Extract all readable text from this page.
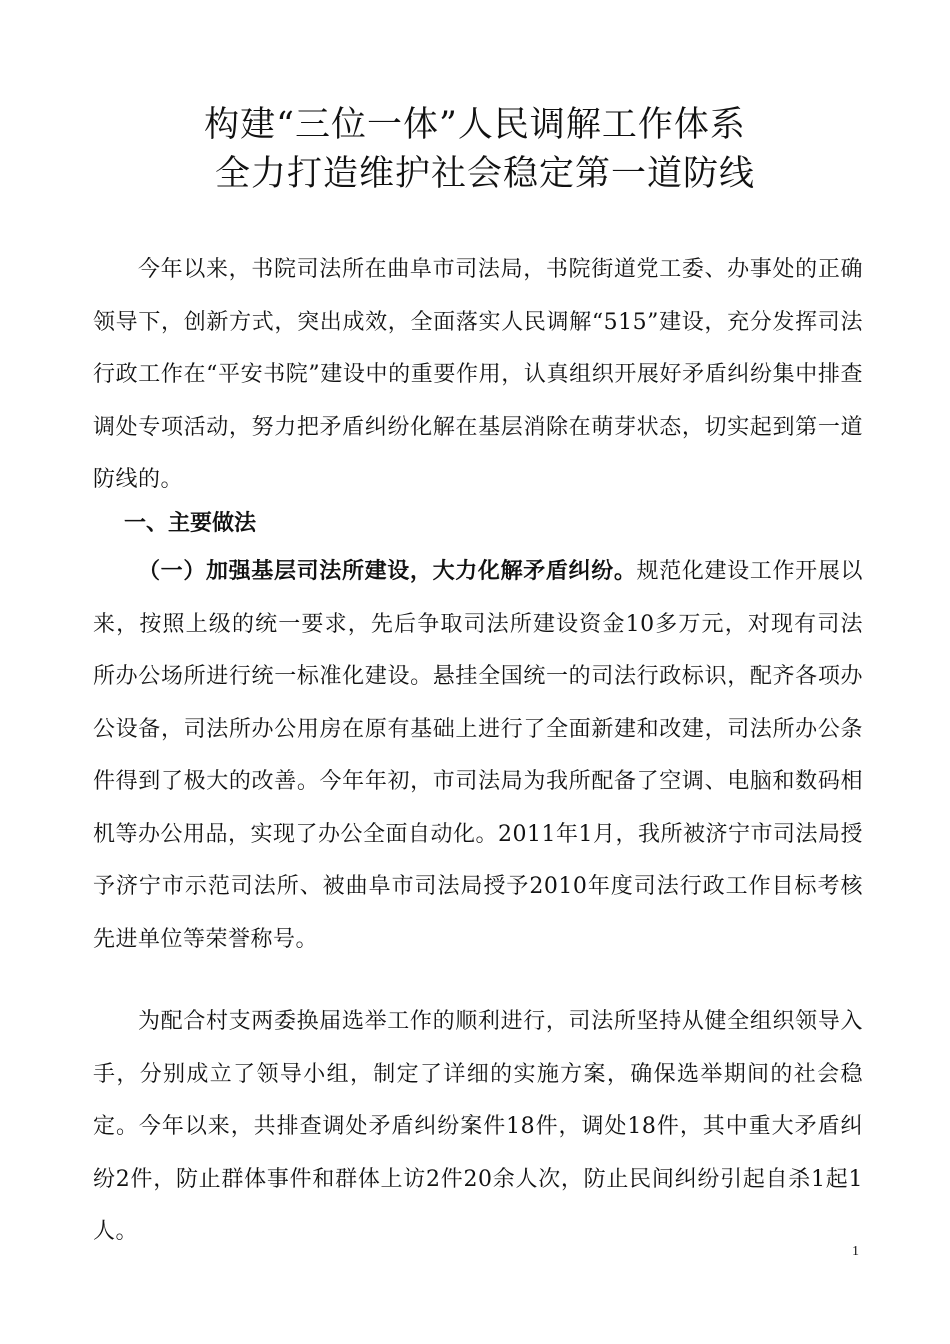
构建“三位一体”人民调解工作体系
全力打造维护社会稳定第一道防线

今年以来，书院司法所在曲阜市司法局，书院街道党工委、办事处的正确领导下，创新方式，突出成效，全面落实人民调解“515”建设，充分发挥司法行政工作在“平安书院”建设中的重要作用，认真组织开展好矛盾纠纷集中排查调处专项活动，努力把矛盾纠纷化解在基层消除在萌芽状态，切实起到第一道防线的。

一、主要做法

（一）加强基层司法所建设，大力化解矛盾纠纷。规范化建设工作开展以来，按照上级的统一要求，先后争取司法所建设资金10多万元，对现有司法所办公场所进行统一标准化建设。悬挂全国统一的司法行政标识，配齐各项办公设备，司法所办公用房在原有基础上进行了全面新建和改建，司法所办公条件得到了极大的改善。今年年初，市司法局为我所配备了空调、电脑和数码相机等办公用品，实现了办公全面自动化。2011年1月，我所被济宁市司法局授予济宁市示范司法所、被曲阜市司法局授予2010年度司法行政工作目标考核先进单位等荣誉称号。

为配合村支两委换届选举工作的顺利进行，司法所坚持从健全组织领导入手，分别成立了领导小组，制定了详细的实施方案，确保选举期间的社会稳定。今年以来，共排查调处矛盾纠纷案件18件，调处18件，其中重大矛盾纠纷2件，防止群体事件和群体上访2件20余人次，防止民间纠纷引起自杀1起1人。

1
